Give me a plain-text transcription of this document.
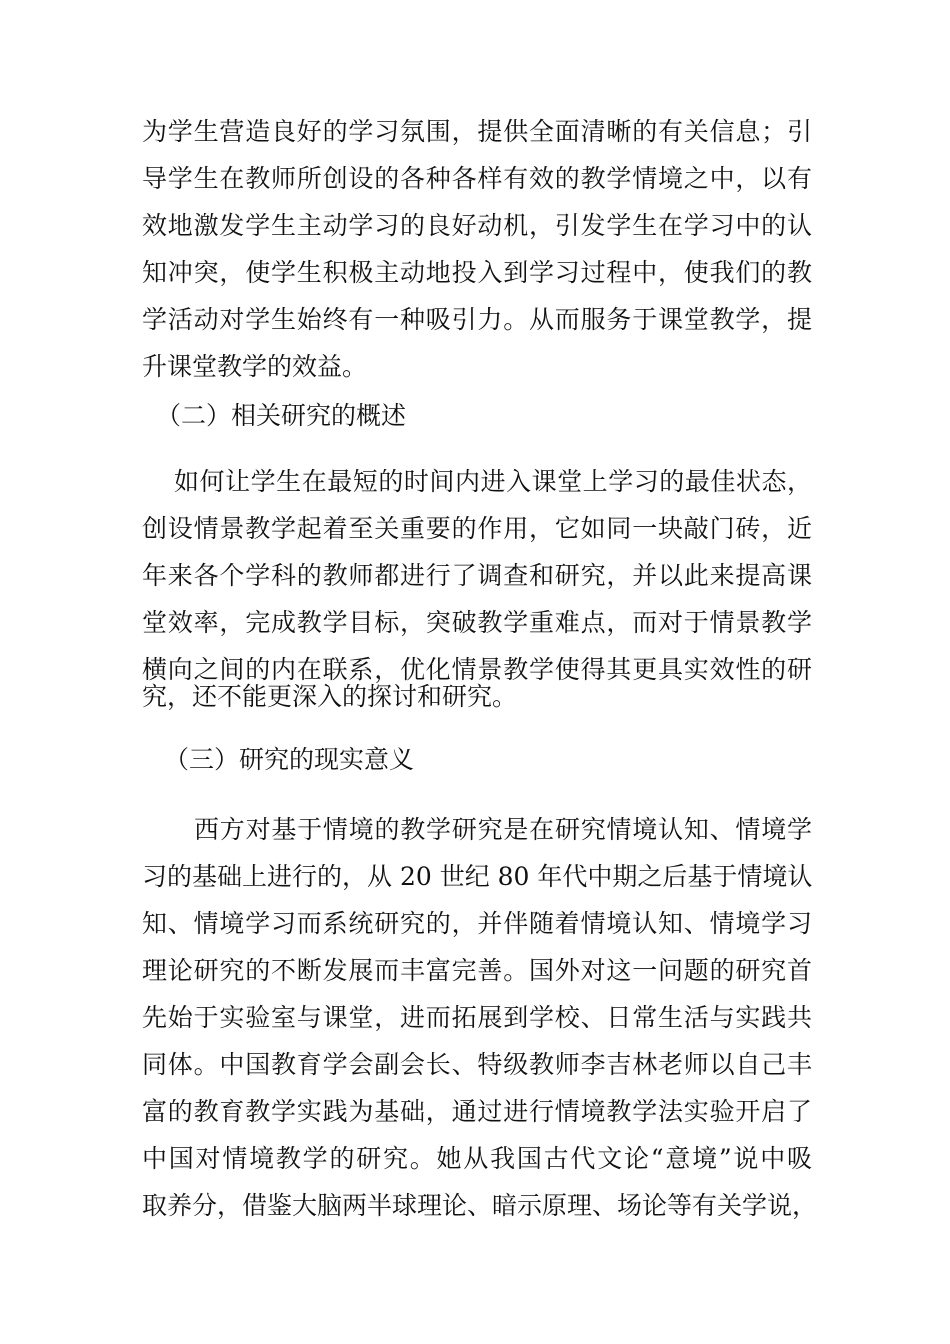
为学生营造良好的学习氛围，提供全面清晰的有关信息；引
导学生在教师所创设的各种各样有效的教学情境之中，以有
效地激发学生主动学习的良好动机，引发学生在学习中的认
知冲突，使学生积极主动地投入到学习过程中，使我们的教
学活动对学生始终有一种吸引力。从而服务于课堂教学，提
升课堂教学的效益。
（二）相关研究的概述
如何让学生在最短的时间内进入课堂上学习的最佳状态，
创设情景教学起着至关重要的作用，它如同一块敲门砖，近
年来各个学科的教师都进行了调查和研究，并以此来提高课
堂效率，完成教学目标，突破教学重难点，而对于情景教学
横向之间的内在联系，优化情景教学使得其更具实效性的研
究，还不能更深入的探讨和研究。
（三）研究的现实意义
西方对基于情境的教学研究是在研究情境认知、情境学
习的基础上进行的，从 20 世纪 80 年代中期之后基于情境认
知、情境学习而系统研究的，并伴随着情境认知、情境学习
理论研究的不断发展而丰富完善。国外对这一问题的研究首
先始于实验室与课堂，进而拓展到学校、日常生活与实践共
同体。中国教育学会副会长、特级教师李吉林老师以自己丰
富的教育教学实践为基础，通过进行情境教学法实验开启了
中国对情境教学的研究。她从我国古代文论“意境”说中吸
取养分，借鉴大脑两半球理论、暗示原理、场论等有关学说，
